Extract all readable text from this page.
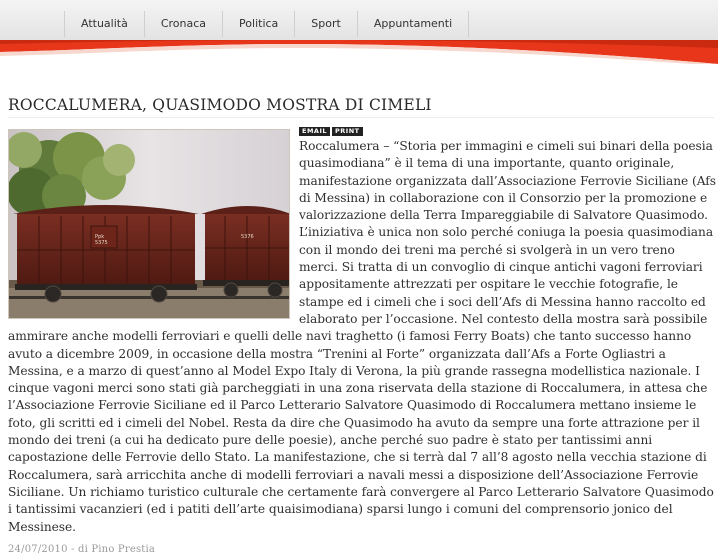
Attualità	Cronaca	Politica	Sport	Appuntamenti
ROCCALUMERA, QUASIMODO MOSTRA DI CIMELI
Ppk
5375
5376
EMAIL	PRINT

Roccalumera – “Storia per immagini e cimeli sui binari della poesia quasimodiana” è il tema di una importante, quanto originale, manifestazione organizzata dall’Associazione Ferrovie Siciliane (Afs di Messina) in collaborazione con il Consorzio per la promozione e valorizzazione della Terra Impareggiabile di Salvatore Quasimodo. L’iniziativa è unica non solo perché coniuga la poesia quasimodiana con il mondo dei treni ma perché si svolgerà in un vero treno merci. Si tratta di un convoglio di cinque antichi vagoni ferroviari appositamente attrezzati per ospitare le vecchie fotografie, le stampe ed i cimeli che i soci dell’Afs di Messina hanno raccolto ed elaborato per l’occasione. Nel contesto della mostra sarà possibile ammirare anche modelli ferroviari e quelli delle navi traghetto (i famosi Ferry Boats) che tanto successo hanno avuto a dicembre 2009, in occasione della mostra “Trenini al Forte” organizzata dall’Afs a Forte Ogliastri a Messina, e a marzo di quest’anno al Model Expo Italy di Verona, la più grande rassegna modellistica nazionale. I cinque vagoni merci sono stati già parcheggiati in una zona riservata della stazione di Roccalumera, in attesa che l’Associazione Ferrovie Siciliane ed il Parco Letterario Salvatore Quasimodo di Roccalumera mettano insieme le foto, gli scritti ed i cimeli del Nobel. Resta da dire che Quasimodo ha avuto da sempre una forte attrazione per il mondo dei treni (a cui ha dedicato pure delle poesie), anche perché suo padre è stato per tantissimi anni capostazione delle Ferrovie dello Stato. La manifestazione, che si terrà dal 7 all’8 agosto nella vecchia stazione di Roccalumera, sarà arricchita anche di modelli ferroviari a navali messi a disposizione dell’Associazione Ferrovie Siciliane. Un richiamo turistico culturale che certamente farà convergere al Parco Letterario Salvatore Quasimodo i tantissimi vacanzieri (ed i patiti dell’arte quaisimodiana) sparsi lungo i comuni del comprensorio jonico del Messinese.

24/07/2010 - di Pino Prestia
